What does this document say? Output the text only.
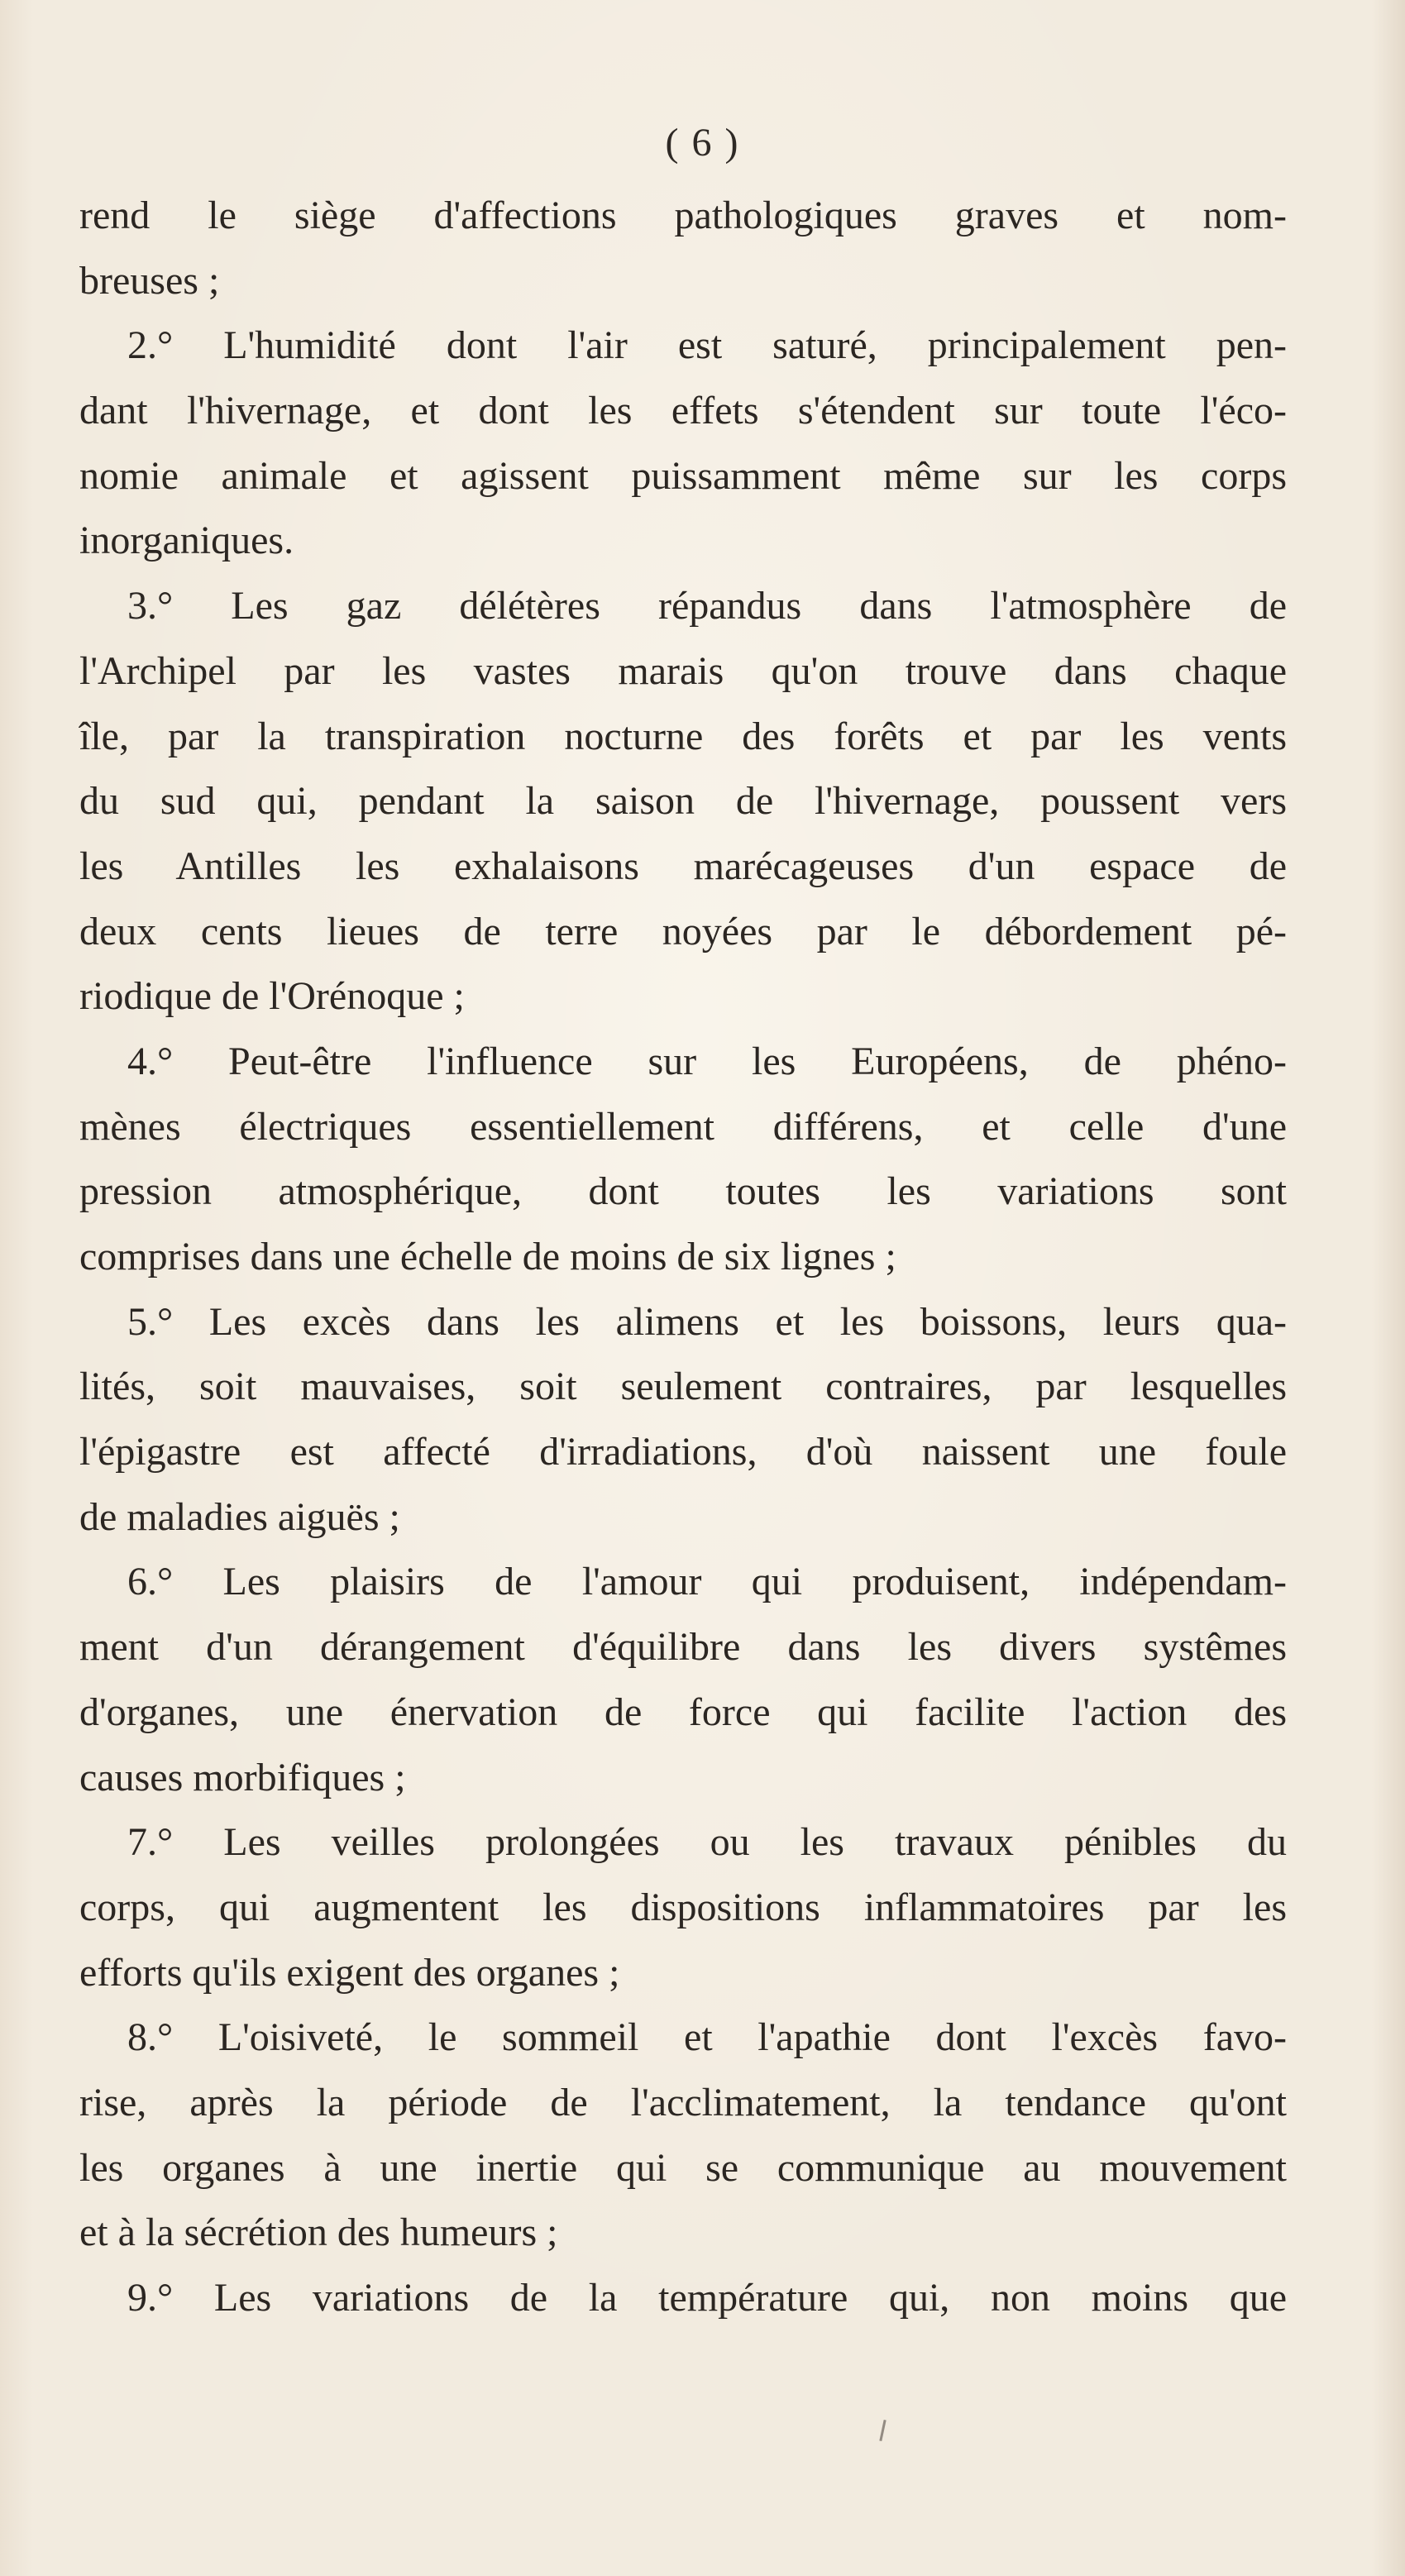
( 6 )
rend le siège d'affections pathologiques graves et nom-
breuses ;
2.° L'humidité dont l'air est saturé, principalement pen-
dant l'hivernage, et dont les effets s'étendent sur toute l'éco-
nomie animale et agissent puissamment même sur les corps
inorganiques.
3.° Les gaz délétères répandus dans l'atmosphère de
l'Archipel par les vastes marais qu'on trouve dans chaque
île, par la transpiration nocturne des forêts et par les vents
du sud qui, pendant la saison de l'hivernage, poussent vers
les Antilles les exhalaisons marécageuses d'un espace de
deux cents lieues de terre noyées par le débordement pé-
riodique de l'Orénoque ;
4.° Peut-être l'influence sur les Européens, de phéno-
mènes électriques essentiellement différens, et celle d'une
pression atmosphérique, dont toutes les variations sont
comprises dans une échelle de moins de six lignes ;
5.° Les excès dans les alimens et les boissons, leurs qua-
lités, soit mauvaises, soit seulement contraires, par lesquelles
l'épigastre est affecté d'irradiations, d'où naissent une foule
de maladies aiguës ;
6.° Les plaisirs de l'amour qui produisent, indépendam-
ment d'un dérangement d'équilibre dans les divers systêmes
d'organes, une énervation de force qui facilite l'action des
causes morbifiques ;
7.° Les veilles prolongées ou les travaux pénibles du
corps, qui augmentent les dispositions inflammatoires par les
efforts qu'ils exigent des organes ;
8.° L'oisiveté, le sommeil et l'apathie dont l'excès favo-
rise, après la période de l'acclimatement, la tendance qu'ont
les organes à une inertie qui se communique au mouvement
et à la sécrétion des humeurs ;
9.° Les variations de la température qui, non moins que
